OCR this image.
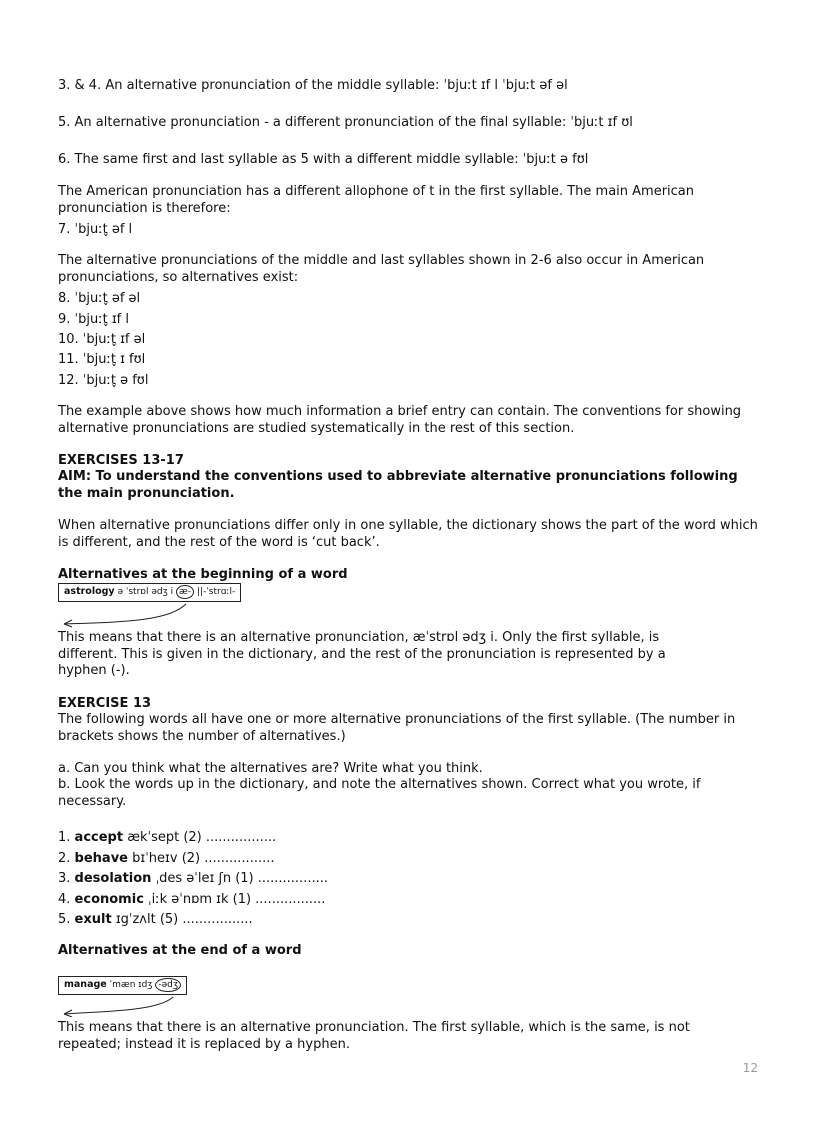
3. & 4. An alternative pronunciation of the middle syllable: ˈbjuːt ɪf l ˈbjuːt əf əl

5. An alternative pronunciation - a different pronunciation of the final syllable: ˈbjuːt ɪf ʊl

6. The same first and last syllable as 5 with a different middle syllable: ˈbjuːt ə fʊl

The American pronunciation has a different allophone of t in the first syllable. The main American pronunciation is therefore:

7. ˈbjuːt̬ əf l

The alternative pronunciations of the middle and last syllables shown in 2-6 also occur in American pronunciations, so alternatives exist:

8. ˈbjuːt̬ əf əl

9. ˈbjuːt̬ ɪf l

10. ˈbjuːt̬ ɪf əl

11. ˈbjuːt̬ ɪ fʊl

12. ˈbjuːt̬ ə fʊl

The example above shows how much information a brief entry can contain. The conventions for showing alternative pronunciations are studied systematically in the rest of this section.

EXERCISES 13-17

AIM: To understand the conventions used to abbreviate alternative pronunciations following the main pronunciation.

When alternative pronunciations differ only in one syllable, the dictionary shows the part of the word which is different, and the rest of the word is ‘cut back’.

Alternatives at the beginning of a word

astrology ə ˈstrɒl ədʒ i æ- ||-ˈstrɑːl-

This means that there is an alternative pronunciation, æˈstrɒl ədʒ i. Only the first syllable, is different. This is given in the dictionary, and the rest of the pronunciation is represented by a hyphen (-).

EXERCISE 13

The following words all have one or more alternative pronunciations of the first syllable. (The number in brackets shows the number of alternatives.)

a. Can you think what the alternatives are? Write what you think.

b. Look the words up in the dictionary, and note the alternatives shown. Correct what you wrote, if necessary.

1. accept ækˈsept (2) .................
2. behave bɪˈheɪv (2) .................
3. desolation ˌdes əˈleɪ ʃn (1) .................
4. economic ˌiːk əˈnɒm ɪk (1) .................
5. exult ɪgˈzʌlt (5) .................

Alternatives at the end of a word

manage ˈmæn ɪdʒ -ədʒ

This means that there is an alternative pronunciation. The first syllable, which is the same, is not repeated; instead it is replaced by a hyphen.

12
